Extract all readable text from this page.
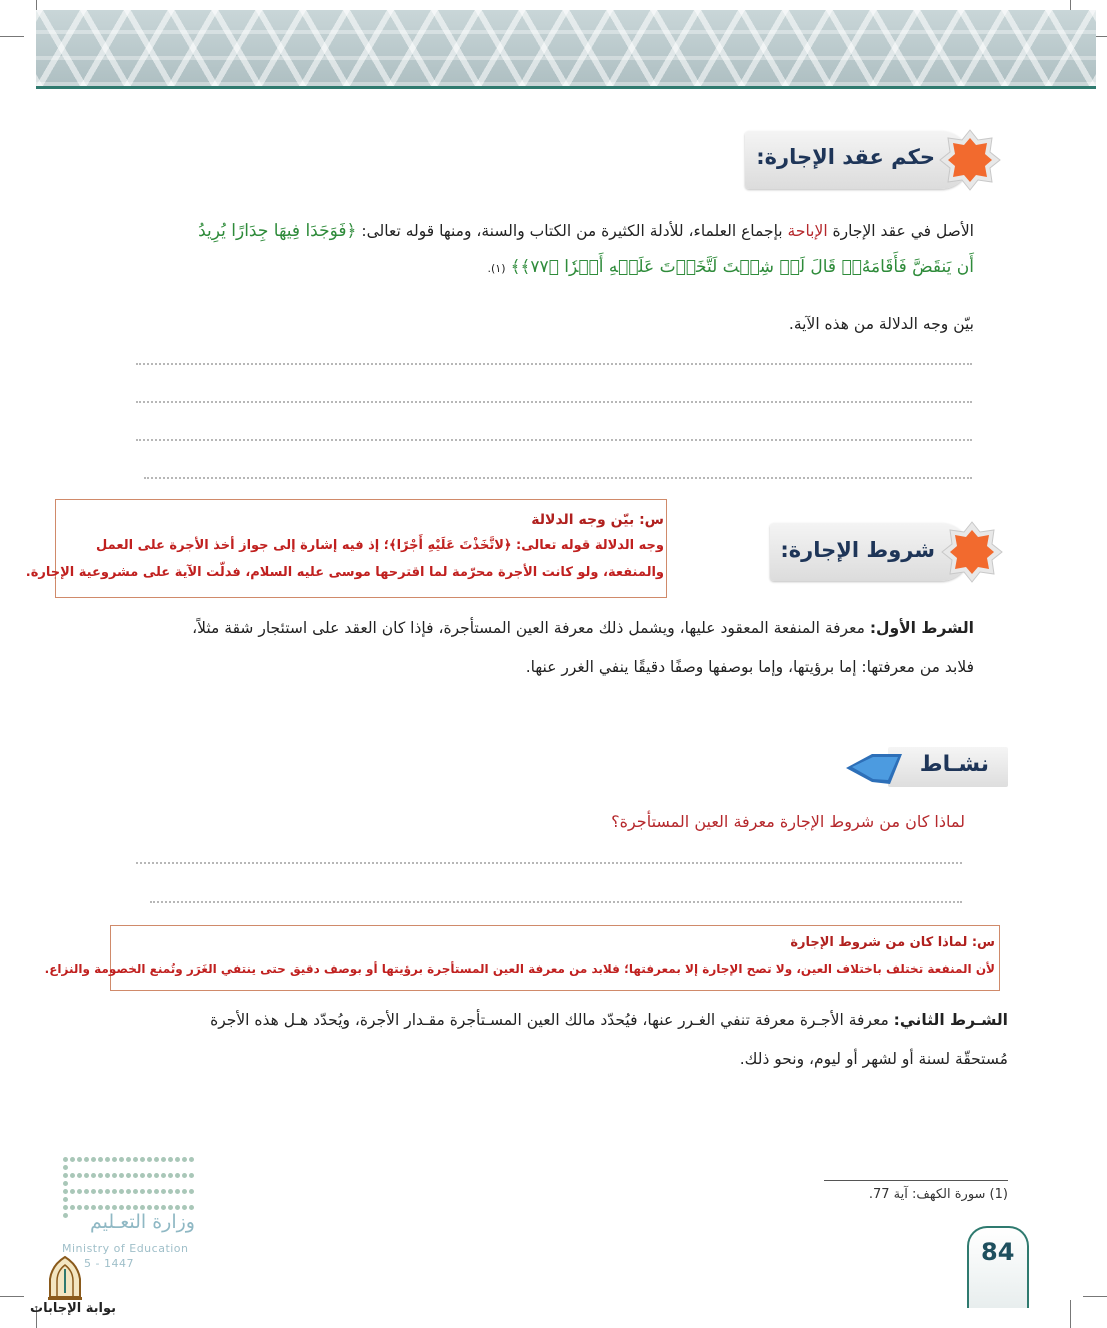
حكم عقد الإجارة:
الأصل في عقد الإجارة الإباحة بإجماع العلماء، للأدلة الكثيرة من الكتاب والسنة، ومنها قوله تعالى: ﴿فَوَجَدَا فِيهَا جِدَارًا يُرِيدُ
أَن يَنقَضَّ فَأَقَامَهُۥۖ قَالَ لَوۡ شِئۡتَ لَتَّخَذۡتَ عَلَيۡهِ أَجۡرٗا ﴿٧٧﴾﴾ (١).
بيّن وجه الدلالة من هذه الآية.
س: بيّن وجه الدلالة
وجه الدلالة قوله تعالى: ﴿لاتَّخَذْتَ عَلَيْهِ أَجْرًا﴾؛ إذ فيه إشارة إلى جواز أخذ الأجرة على العمل
والمنفعة، ولو كانت الأجرة محرّمة لما اقترحها موسى عليه السلام، فدلّت الآية على مشروعية الإجارة.
شروط الإجارة:
الشرط الأول: معرفة المنفعة المعقود عليها، ويشمل ذلك معرفة العين المستأجرة، فإذا كان العقد على استئجار شقة مثلاً،
فلابد من معرفتها: إما برؤيتها، وإما بوصفها وصفًا دقيقًا ينفي الغرر عنها.
نشـاط
لماذا كان من شروط الإجارة معرفة العين المستأجرة؟
س: لماذا كان من شروط الإجارة
لأن المنفعة تختلف باختلاف العين، ولا تصح الإجارة إلا بمعرفتها؛ فلابد من معرفة العين المستأجرة برؤيتها أو بوصف دقيق حتى ينتفي الغَرَر وتُمنع الخصومة والنزاع.
الشـرط الثاني: معرفة الأجـرة معرفة تنفي الغـرر عنها، فيُحدّد مالك العين المسـتأجرة مقـدار الأجرة، ويُحدّد هـل هذه الأجرة
مُستحقّة لسنة أو لشهر أو ليوم، ونحو ذلك.
(1) سورة الكهف: آية 77.
84

وزارة التعـليم
Ministry of Education
5 - 1447
بوابة الإجابات
